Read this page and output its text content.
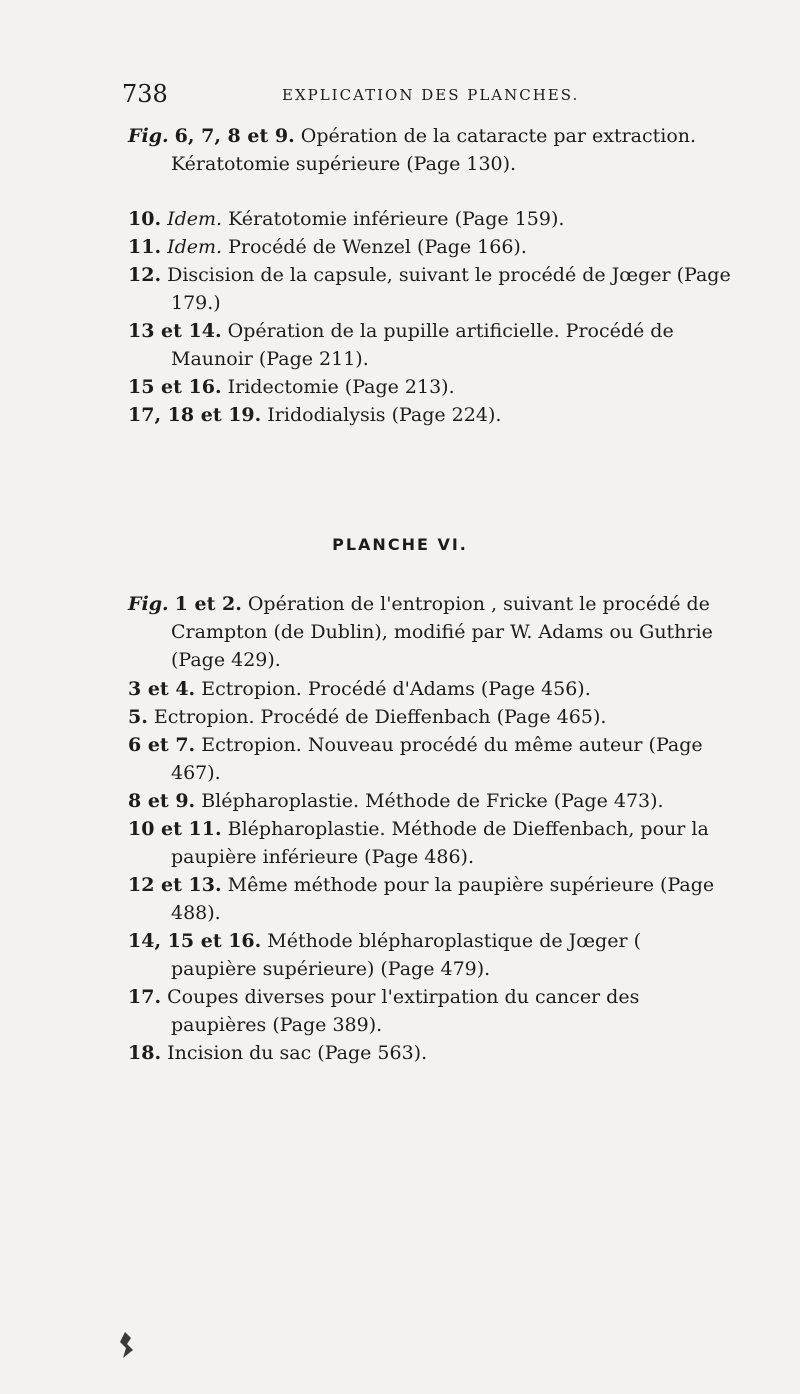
738	EXPLICATION DES PLANCHES.
Fig. 6, 7, 8 et 9. Opération de la cataracte par extraction. Kératotomie supérieure (Page 130).
10. Idem. Kératotomie inférieure (Page 159).
11. Idem. Procédé de Wenzel (Page 166).
12. Discision de la capsule, suivant le procédé de Jœger (Page 179.)
13 et 14. Opération de la pupille artificielle. Procédé de Maunoir (Page 211).
15 et 16. Iridectomie (Page 213).
17, 18 et 19. Iridodialysis (Page 224).
PLANCHE VI.
Fig. 1 et 2. Opération de l'entropion , suivant le procédé de Crampton (de Dublin), modifié par W. Adams ou Guthrie (Page 429).
3 et 4. Ectropion. Procédé d'Adams (Page 456).
5. Ectropion. Procédé de Dieffenbach (Page 465).
6 et 7. Ectropion. Nouveau procédé du même auteur (Page 467).
8 et 9. Blépharoplastie. Méthode de Fricke (Page 473).
10 et 11. Blépharoplastie. Méthode de Dieffenbach, pour la paupière inférieure (Page 486).
12 et 13. Même méthode pour la paupière supérieure (Page 488).
14, 15 et 16. Méthode blépharoplastique de Jœger ( paupière supérieure) (Page 479).
17. Coupes diverses pour l'extirpation du cancer des paupières (Page 389).
18. Incision du sac (Page 563).
